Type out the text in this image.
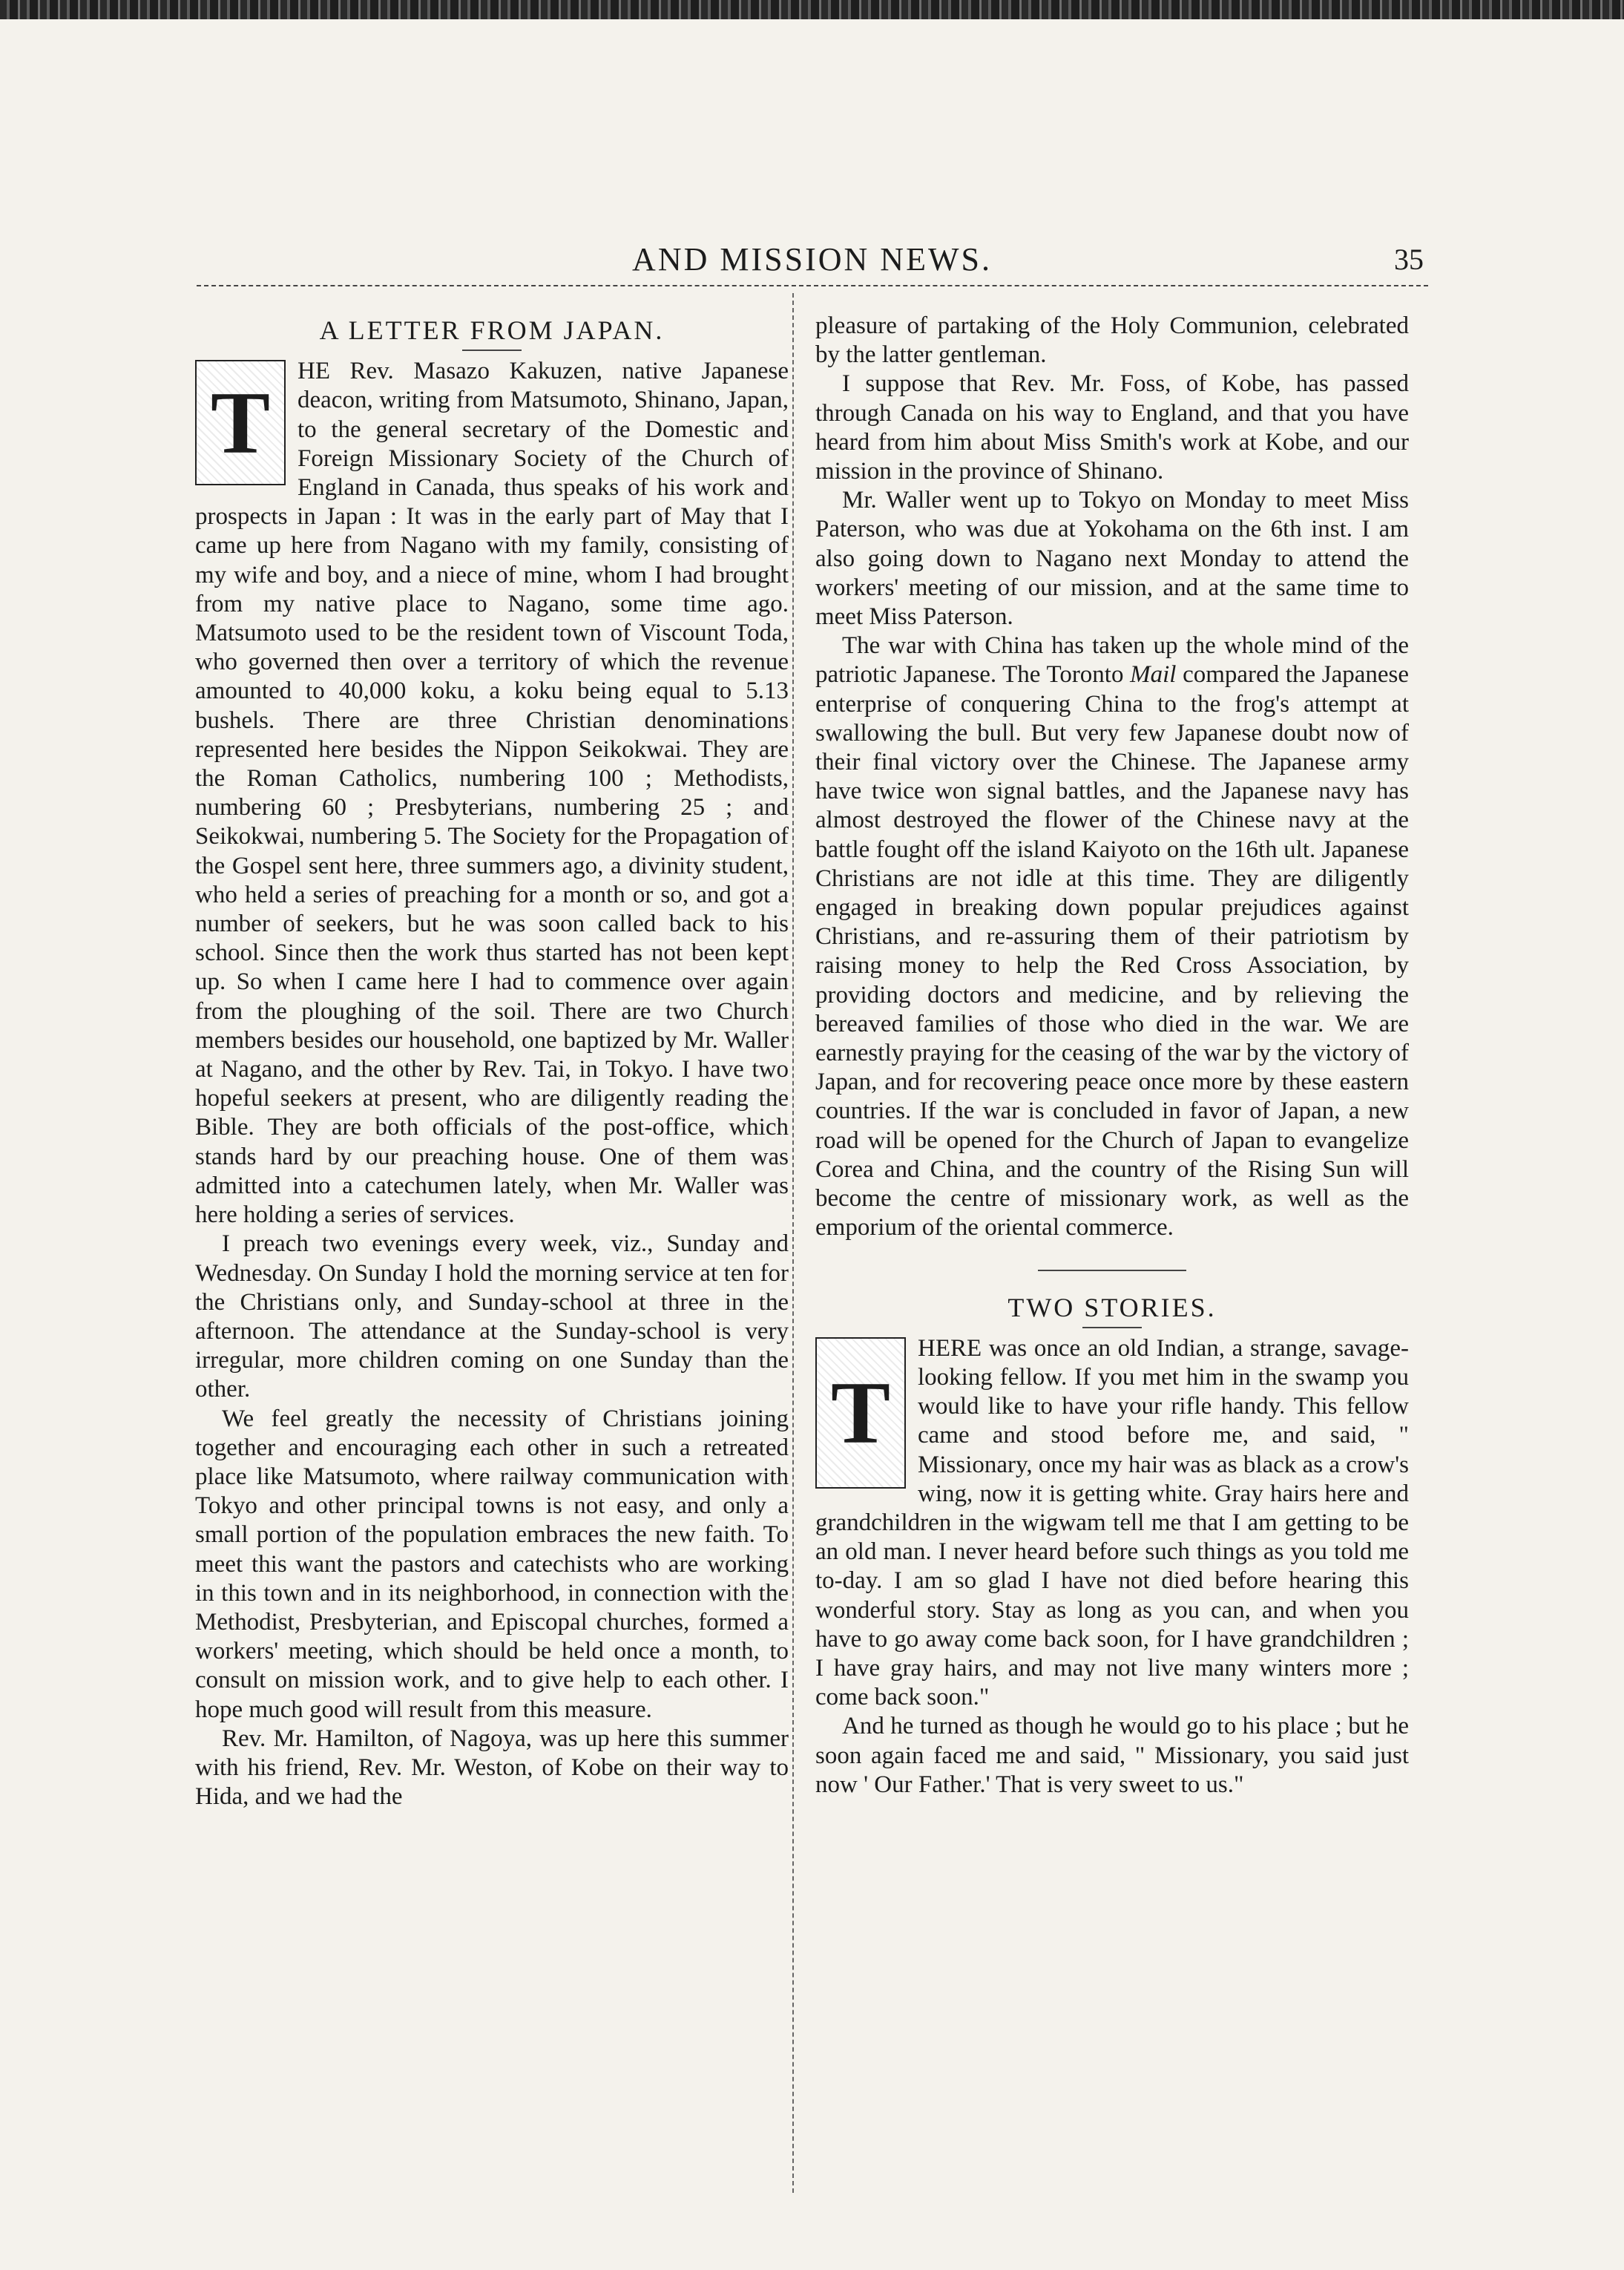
AND MISSION NEWS.	35
A LETTER FROM JAPAN.

T
HE Rev. Masazo Kakuzen, native Japanese deacon, writing from Matsumoto, Shinano, Japan, to the general secretary of the Domestic and Foreign Missionary Society of the Church of England in Canada, thus speaks of his work and prospects in Japan : It was in the early part of May that I came up here from Nagano with my family, consisting of my wife and boy, and a niece of mine, whom I had brought from my native place to Nagano, some time ago. Matsumoto used to be the resident town of Viscount Toda, who governed then over a territory of which the revenue amounted to 40,000 koku, a koku being equal to 5.13 bushels. There are three Christian denominations represented here besides the Nippon Seikokwai. They are the Roman Catholics, numbering 100 ; Methodists, numbering 60 ; Presbyterians, numbering 25 ; and Seikokwai, numbering 5. The Society for the Propagation of the Gospel sent here, three summers ago, a divinity student, who held a series of preaching for a month or so, and got a number of seekers, but he was soon called back to his school. Since then the work thus started has not been kept up. So when I came here I had to commence over again from the ploughing of the soil. There are two Church members besides our household, one baptized by Mr. Waller at Nagano, and the other by Rev. Tai, in Tokyo. I have two hopeful seekers at present, who are diligently reading the Bible. They are both officials of the post-office, which stands hard by our preaching house. One of them was admitted into a catechumen lately, when Mr. Waller was here holding a series of services.

I preach two evenings every week, viz., Sunday and Wednesday. On Sunday I hold the morning service at ten for the Christians only, and Sunday-school at three in the afternoon. The attendance at the Sunday-school is very irregular, more children coming on one Sunday than the other.

We feel greatly the necessity of Christians joining together and encouraging each other in such a retreated place like Matsumoto, where railway communication with Tokyo and other principal towns is not easy, and only a small portion of the population embraces the new faith. To meet this want the pastors and catechists who are working in this town and in its neighborhood, in connection with the Methodist, Presbyterian, and Episcopal churches, formed a workers' meeting, which should be held once a month, to consult on mission work, and to give help to each other. I hope much good will result from this measure.

Rev. Mr. Hamilton, of Nagoya, was up here this summer with his friend, Rev. Mr. Weston, of Kobe on their way to Hida, and we had the

pleasure of partaking of the Holy Communion, celebrated by the latter gentleman.

I suppose that Rev. Mr. Foss, of Kobe, has passed through Canada on his way to England, and that you have heard from him about Miss Smith's work at Kobe, and our mission in the province of Shinano.

Mr. Waller went up to Tokyo on Monday to meet Miss Paterson, who was due at Yokohama on the 6th inst. I am also going down to Nagano next Monday to attend the workers' meeting of our mission, and at the same time to meet Miss Paterson.

The war with China has taken up the whole mind of the patriotic Japanese. The Toronto Mail compared the Japanese enterprise of conquering China to the frog's attempt at swallowing the bull. But very few Japanese doubt now of their final victory over the Chinese. The Japanese army have twice won signal battles, and the Japanese navy has almost destroyed the flower of the Chinese navy at the battle fought off the island Kaiyoto on the 16th ult. Japanese Christians are not idle at this time. They are diligently engaged in breaking down popular prejudices against Christians, and re-assuring them of their patriotism by raising money to help the Red Cross Association, by providing doctors and medicine, and by relieving the bereaved families of those who died in the war. We are earnestly praying for the ceasing of the war by the victory of Japan, and for recovering peace once more by these eastern countries. If the war is concluded in favor of Japan, a new road will be opened for the Church of Japan to evangelize Corea and China, and the country of the Rising Sun will become the centre of missionary work, as well as the emporium of the oriental commerce.

TWO STORIES.

T
HERE was once an old Indian, a strange, savage-looking fellow. If you met him in the swamp you would like to have your rifle handy. This fellow came and stood before me, and said, " Missionary, once my hair was as black as a crow's wing, now it is getting white. Gray hairs here and grandchildren in the wigwam tell me that I am getting to be an old man. I never heard before such things as you told me to-day. I am so glad I have not died before hearing this wonderful story. Stay as long as you can, and when you have to go away come back soon, for I have grandchildren ; I have gray hairs, and may not live many winters more ; come back soon."

And he turned as though he would go to his place ; but he soon again faced me and said, " Missionary, you said just now ' Our Father.' That is very sweet to us."
